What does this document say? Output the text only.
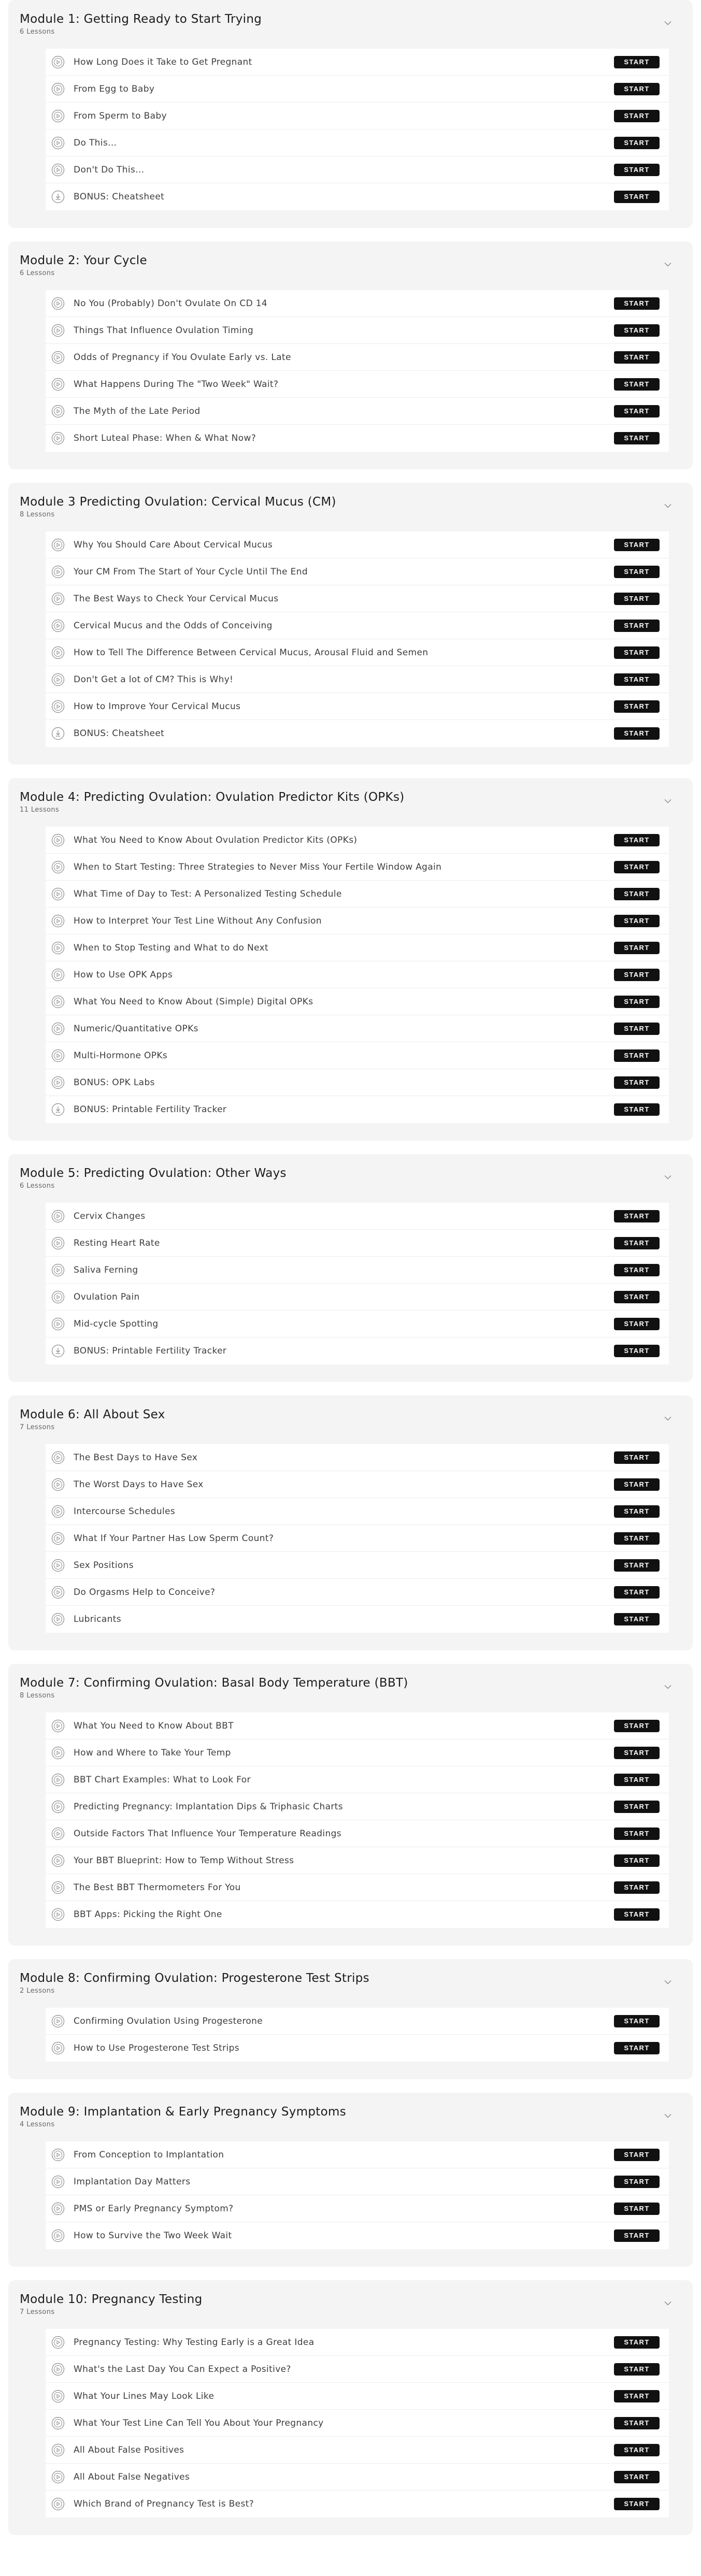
Module 1: Getting Ready to Start Trying
6 Lessons
How Long Does it Take to Get Pregnant	START
From Egg to Baby	START
From Sperm to Baby	START
Do This...	START
Don't Do This...	START
BONUS: Cheatsheet	START
Module 2: Your Cycle
6 Lessons
No You (Probably) Don't Ovulate On CD 14	START
Things That Influence Ovulation Timing	START
Odds of Pregnancy if You Ovulate Early vs. Late	START
What Happens During The "Two Week" Wait?	START
The Myth of the Late Period	START
Short Luteal Phase: When & What Now?	START
Module 3 Predicting Ovulation: Cervical Mucus (CM)
8 Lessons
Why You Should Care About Cervical Mucus	START
Your CM From The Start of Your Cycle Until The End	START
The Best Ways to Check Your Cervical Mucus	START
Cervical Mucus and the Odds of Conceiving	START
How to Tell The Difference Between Cervical Mucus, Arousal Fluid and Semen	START
Don't Get a lot of CM? This is Why!	START
How to Improve Your Cervical Mucus	START
BONUS: Cheatsheet	START
Module 4: Predicting Ovulation: Ovulation Predictor Kits (OPKs)
11 Lessons
What You Need to Know About Ovulation Predictor Kits (OPKs)	START
When to Start Testing: Three Strategies to Never Miss Your Fertile Window Again	START
What Time of Day to Test: A Personalized Testing Schedule	START
How to Interpret Your Test Line Without Any Confusion	START
When to Stop Testing and What to do Next	START
How to Use OPK Apps	START
What You Need to Know About (Simple) Digital OPKs	START
Numeric/Quantitative OPKs	START
Multi-Hormone OPKs	START
BONUS: OPK Labs	START
BONUS: Printable Fertility Tracker	START
Module 5: Predicting Ovulation: Other Ways
6 Lessons
Cervix Changes	START
Resting Heart Rate	START
Saliva Ferning	START
Ovulation Pain	START
Mid-cycle Spotting	START
BONUS: Printable Fertility Tracker	START
Module 6: All About Sex
7 Lessons
The Best Days to Have Sex	START
The Worst Days to Have Sex	START
Intercourse Schedules	START
What If Your Partner Has Low Sperm Count?	START
Sex Positions	START
Do Orgasms Help to Conceive?	START
Lubricants	START
Module 7: Confirming Ovulation: Basal Body Temperature (BBT)
8 Lessons
What You Need to Know About BBT	START
How and Where to Take Your Temp	START
BBT Chart Examples: What to Look For	START
Predicting Pregnancy: Implantation Dips & Triphasic Charts	START
Outside Factors That Influence Your Temperature Readings	START
Your BBT Blueprint: How to Temp Without Stress	START
The Best BBT Thermometers For You	START
BBT Apps: Picking the Right One	START
Module 8: Confirming Ovulation: Progesterone Test Strips
2 Lessons
Confirming Ovulation Using Progesterone	START
How to Use Progesterone Test Strips	START
Module 9: Implantation & Early Pregnancy Symptoms
4 Lessons
From Conception to Implantation	START
Implantation Day Matters	START
PMS or Early Pregnancy Symptom?	START
How to Survive the Two Week Wait	START
Module 10: Pregnancy Testing
7 Lessons
Pregnancy Testing: Why Testing Early is a Great Idea	START
What's the Last Day You Can Expect a Positive?	START
What Your Lines May Look Like	START
What Your Test Line Can Tell You About Your Pregnancy	START
All About False Positives	START
All About False Negatives	START
Which Brand of Pregnancy Test is Best?	START
